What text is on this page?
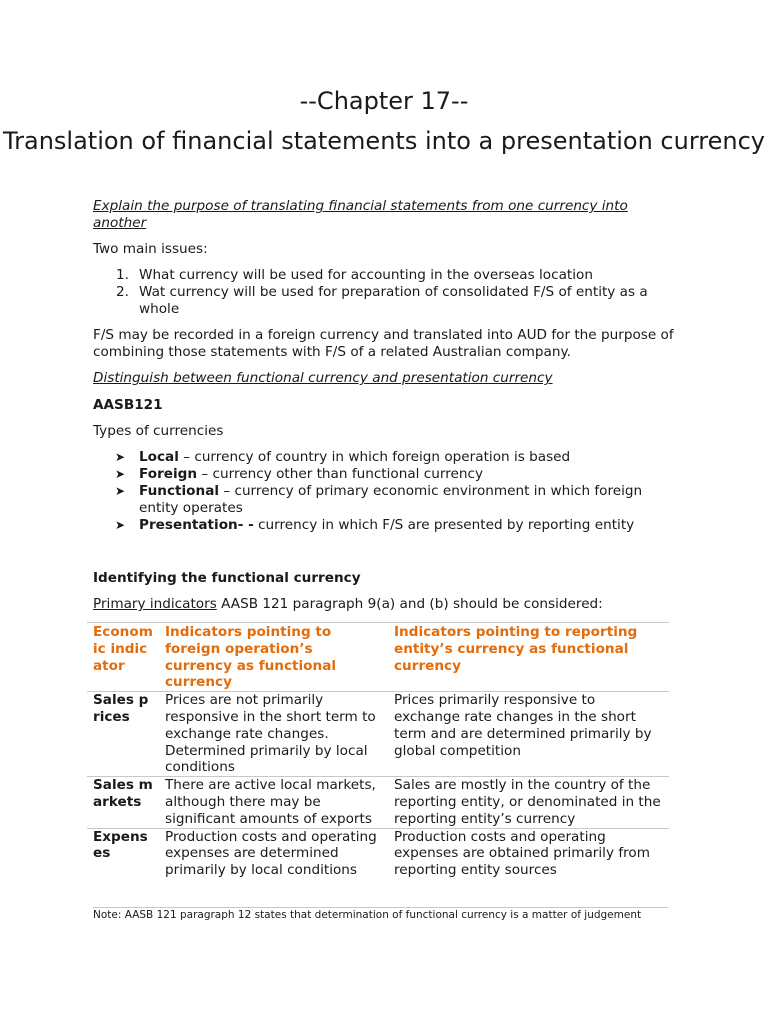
--Chapter 17--
Translation of financial statements into a presentation currency
Explain the purpose of translating financial statements from one currency into another
Two main issues:
1. What currency will be used for accounting in the overseas location
2. Wat currency will be used for preparation of consolidated F/S of entity as a whole
F/S may be recorded in a foreign currency and translated into AUD for the purpose of combining those statements with F/S of a related Australian company.
Distinguish between functional currency and presentation currency
AASB121
Types of currencies
➤ Local – currency of country in which foreign operation is based
➤ Foreign – currency other than functional currency
➤ Functional – currency of primary economic environment in which foreign entity operates
➤ Presentation- - currency in which F/S are presented by reporting entity
Identifying the functional currency
Primary indicators AASB 121 paragraph 9(a) and (b) should be considered:
Economic indicator	Indicators pointing to foreign operation’s currency as functional currency	Indicators pointing to reporting entity’s currency as functional currency
Sales prices	Prices are not primarily responsive in the short term to exchange rate changes. Determined primarily by local conditions	Prices primarily responsive to exchange rate changes in the short term and are determined primarily by global competition
Sales markets	There are active local markets, although there may be significant amounts of exports	Sales are mostly in the country of the reporting entity, or denominated in the reporting entity’s currency
Expenses	Production costs and operating expenses are determined primarily by local conditions	Production costs and operating expenses are obtained primarily from reporting entity sources
Note: AASB 121 paragraph 12 states that determination of functional currency is a matter of judgement
